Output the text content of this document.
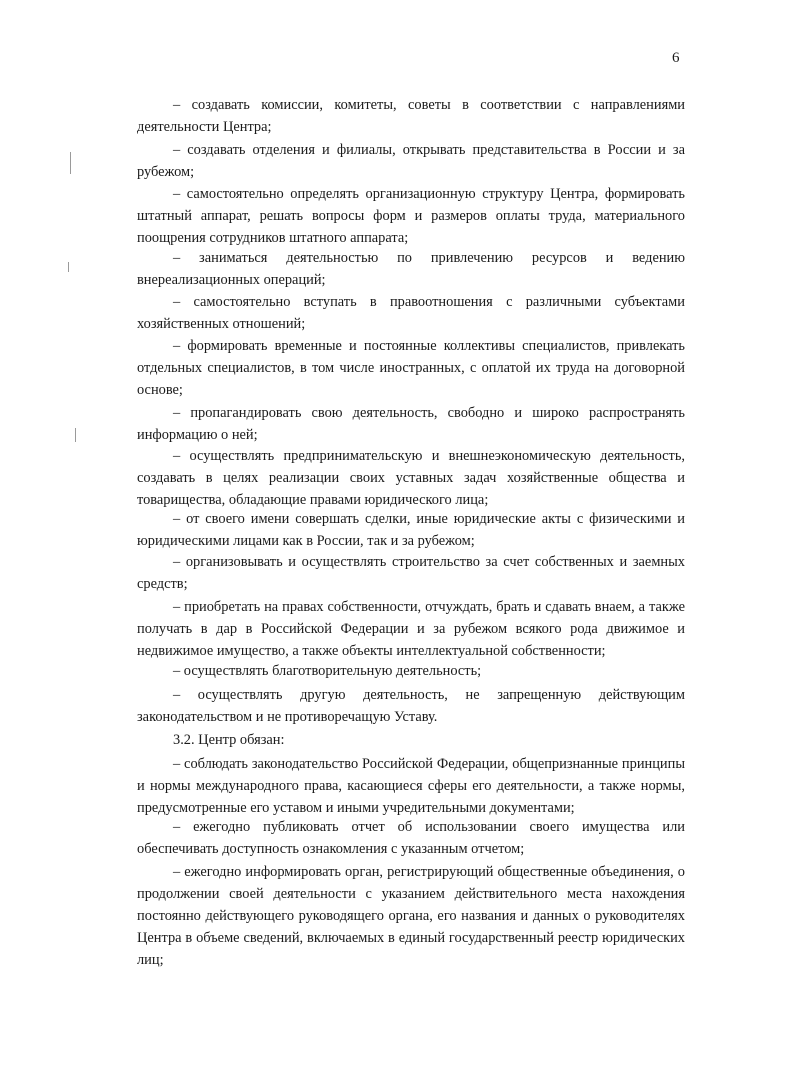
6

– создавать комиссии, комитеты, советы в соответствии с направлениями деятельности Центра;

– создавать отделения и филиалы, открывать представительства в России и за рубежом;

– самостоятельно определять организационную структуру Центра, формировать штатный аппарат, решать вопросы форм и размеров оплаты труда, материального поощрения сотрудников штатного аппарата;

– заниматься деятельностью по привлечению ресурсов и ведению внереализационных операций;

– самостоятельно вступать в правоотношения с различными субъектами хозяйственных отношений;

– формировать временные и постоянные коллективы специалистов, привлекать отдельных специалистов, в том числе иностранных, с оплатой их труда на договорной основе;

– пропагандировать свою деятельность, свободно и широко распространять информацию о ней;

– осуществлять предпринимательскую и внешнеэкономическую деятельность, создавать в целях реализации своих уставных задач хозяйственные общества и товарищества, обладающие правами юридического лица;

– от своего имени совершать сделки, иные юридические акты с физическими и юридическими лицами как в России, так и за рубежом;

– организовывать и осуществлять строительство за счет собственных и заемных средств;

– приобретать на правах собственности, отчуждать, брать и сдавать внаем, а также получать в дар в Российской Федерации и за рубежом всякого рода движимое и недвижимое имущество, а также объекты интеллектуальной собственности;

– осуществлять благотворительную деятельность;

– осуществлять другую деятельность, не запрещенную действующим законодательством и не противоречащую Уставу.

3.2. Центр обязан:

– соблюдать законодательство Российской Федерации, общепризнанные принципы и нормы международного права, касающиеся сферы его деятельности, а также нормы, предусмотренные его уставом и иными учредительными документами;

– ежегодно публиковать отчет об использовании своего имущества или обеспечивать доступность ознакомления с указанным отчетом;

– ежегодно информировать орган, регистрирующий общественные объединения, о продолжении своей деятельности с указанием действительного места нахождения постоянно действующего руководящего органа, его названия и данных о руководителях Центра в объеме сведений, включаемых в единый государственный реестр юридических лиц;
